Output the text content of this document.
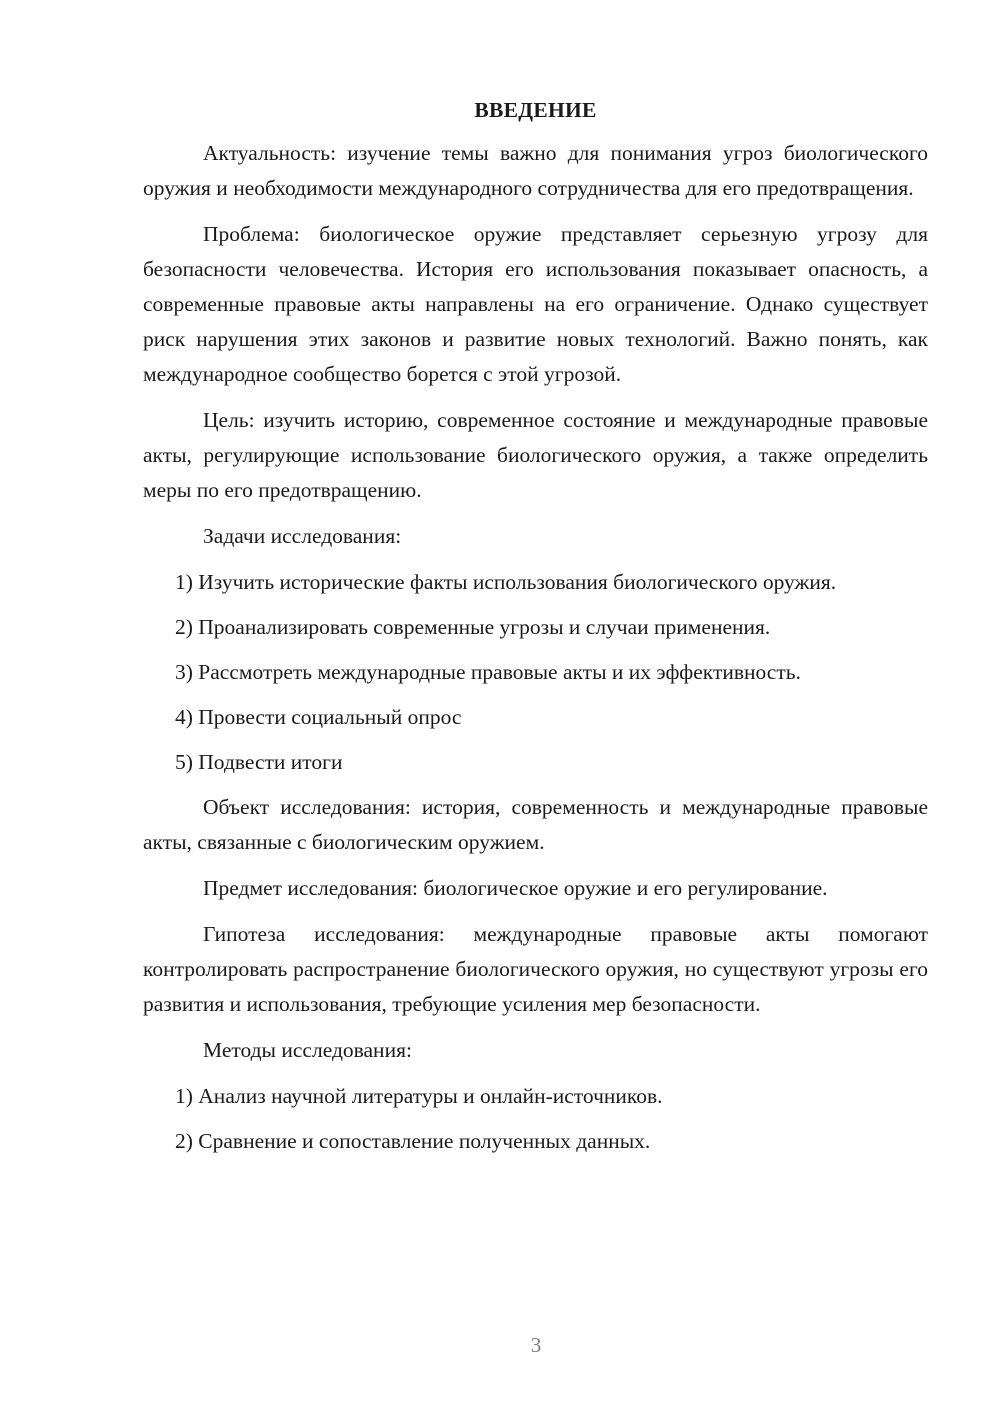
ВВЕДЕНИЕ

Актуальность: изучение темы важно для понимания угроз биологического оружия и необходимости международного сотрудничества для его предотвращения.

Проблема: биологическое оружие представляет серьезную угрозу для безопасности человечества. История его использования показывает опасность, а современные правовые акты направлены на его ограничение. Однако существует риск нарушения этих законов и развитие новых технологий. Важно понять, как международное сообщество борется с этой угрозой.

Цель: изучить историю, современное состояние и международные правовые акты, регулирующие использование биологического оружия, а также определить меры по его предотвращению.

Задачи исследования:

1) Изучить исторические факты использования биологического оружия.

2) Проанализировать современные угрозы и случаи применения.

3) Рассмотреть международные правовые акты и их эффективность.

4) Провести социальный опрос

5) Подвести итоги

Объект исследования: история, современность и международные правовые акты, связанные с биологическим оружием.

Предмет исследования: биологическое оружие и его регулирование.

Гипотеза исследования: международные правовые акты помогают контролировать распространение биологического оружия, но существуют угрозы его развития и использования, требующие усиления мер безопасности.

Методы исследования:

1) Анализ научной литературы и онлайн-источников.

2) Сравнение и сопоставление полученных данных.

3
